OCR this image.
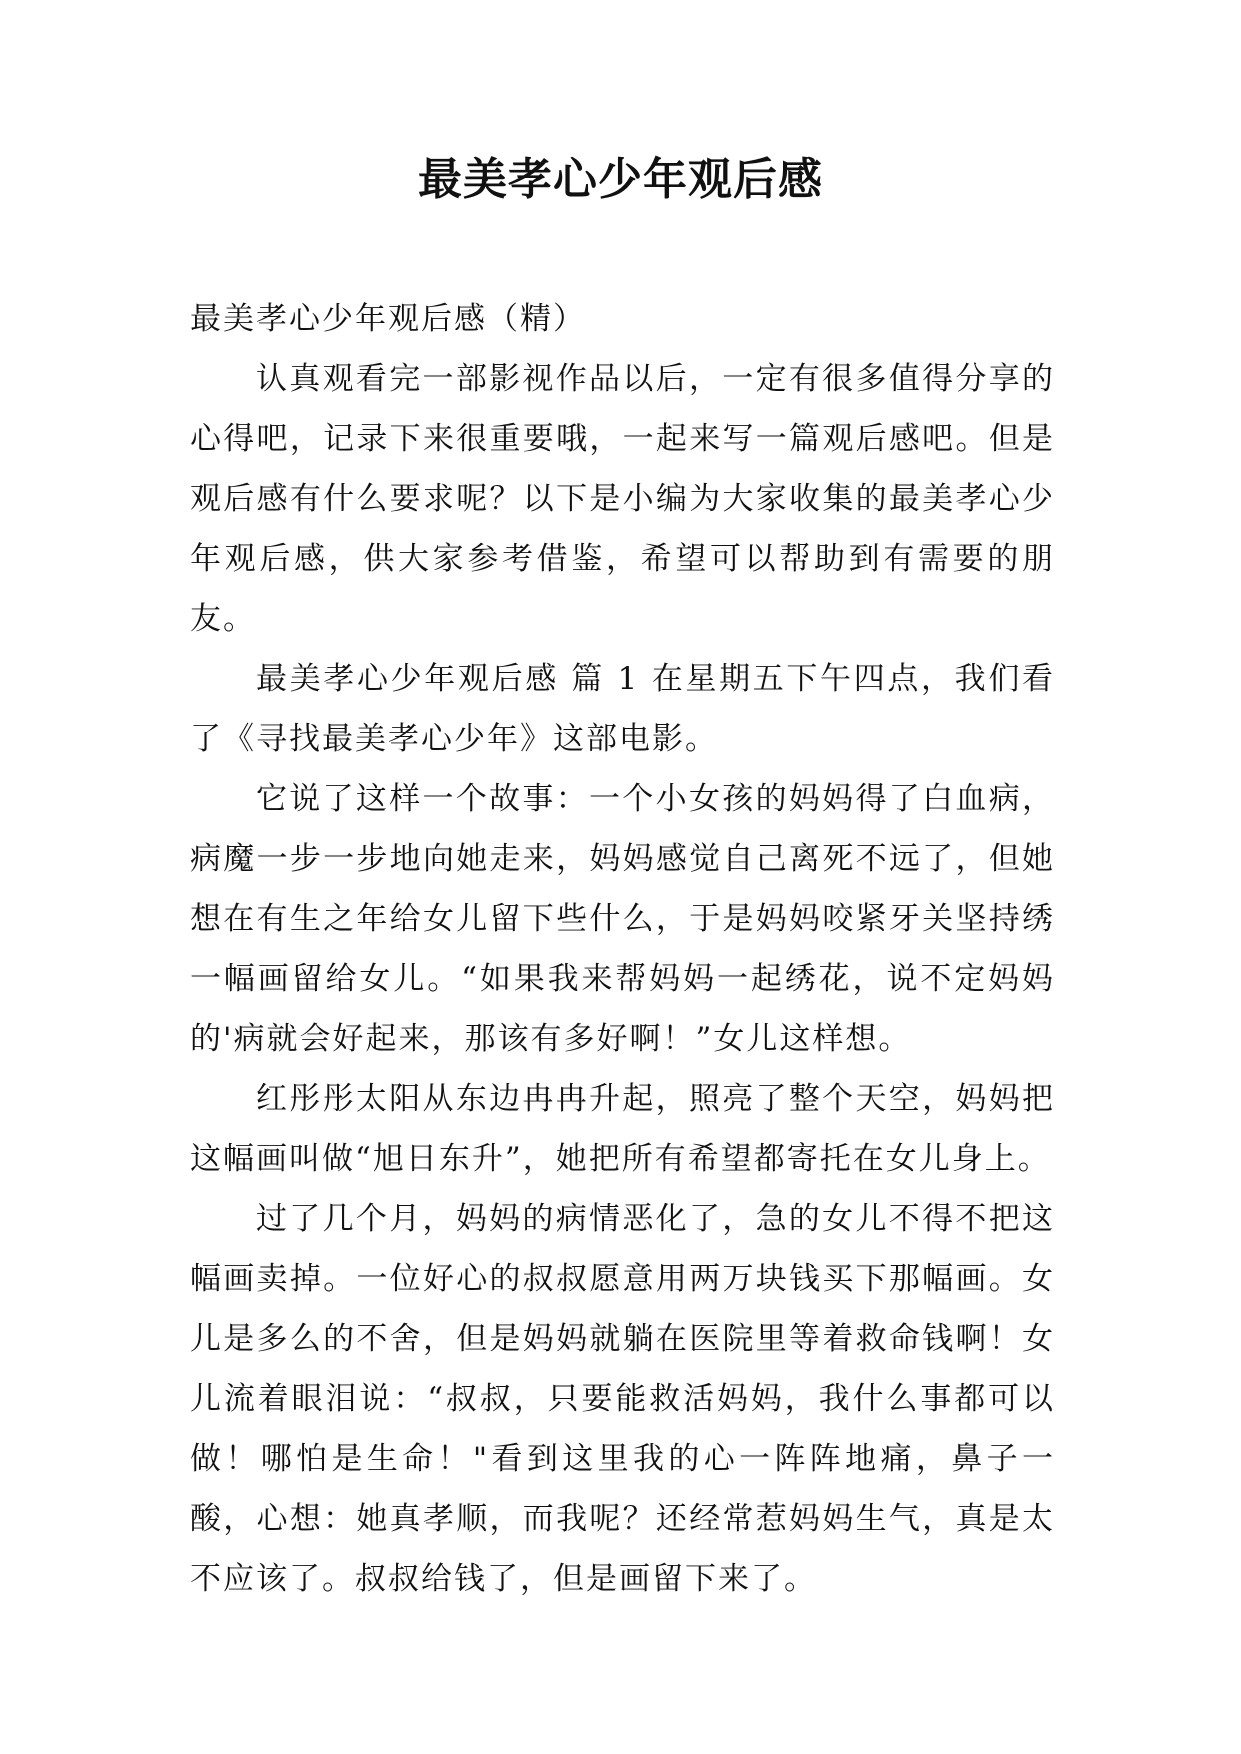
最美孝心少年观后感

最美孝心少年观后感（精）

认真观看完一部影视作品以后，一定有很多值得分享的心得吧，记录下来很重要哦，一起来写一篇观后感吧。但是观后感有什么要求呢？以下是小编为大家收集的最美孝心少年观后感，供大家参考借鉴，希望可以帮助到有需要的朋友。

最美孝心少年观后感 篇 1 在星期五下午四点，我们看了《寻找最美孝心少年》这部电影。

它说了这样一个故事：一个小女孩的妈妈得了白血病，病魔一步一步地向她走来，妈妈感觉自己离死不远了，但她想在有生之年给女儿留下些什么，于是妈妈咬紧牙关坚持绣一幅画留给女儿。“如果我来帮妈妈一起绣花，说不定妈妈的'病就会好起来，那该有多好啊！”女儿这样想。

红彤彤太阳从东边冉冉升起，照亮了整个天空，妈妈把这幅画叫做“旭日东升”，她把所有希望都寄托在女儿身上。

过了几个月，妈妈的病情恶化了，急的女儿不得不把这幅画卖掉。一位好心的叔叔愿意用两万块钱买下那幅画。女儿是多么的不舍，但是妈妈就躺在医院里等着救命钱啊！女儿流着眼泪说：“叔叔，只要能救活妈妈，我什么事都可以做！哪怕是生命！"看到这里我的心一阵阵地痛，鼻子一酸，心想：她真孝顺，而我呢？还经常惹妈妈生气，真是太不应该了。叔叔给钱了，但是画留下来了。
